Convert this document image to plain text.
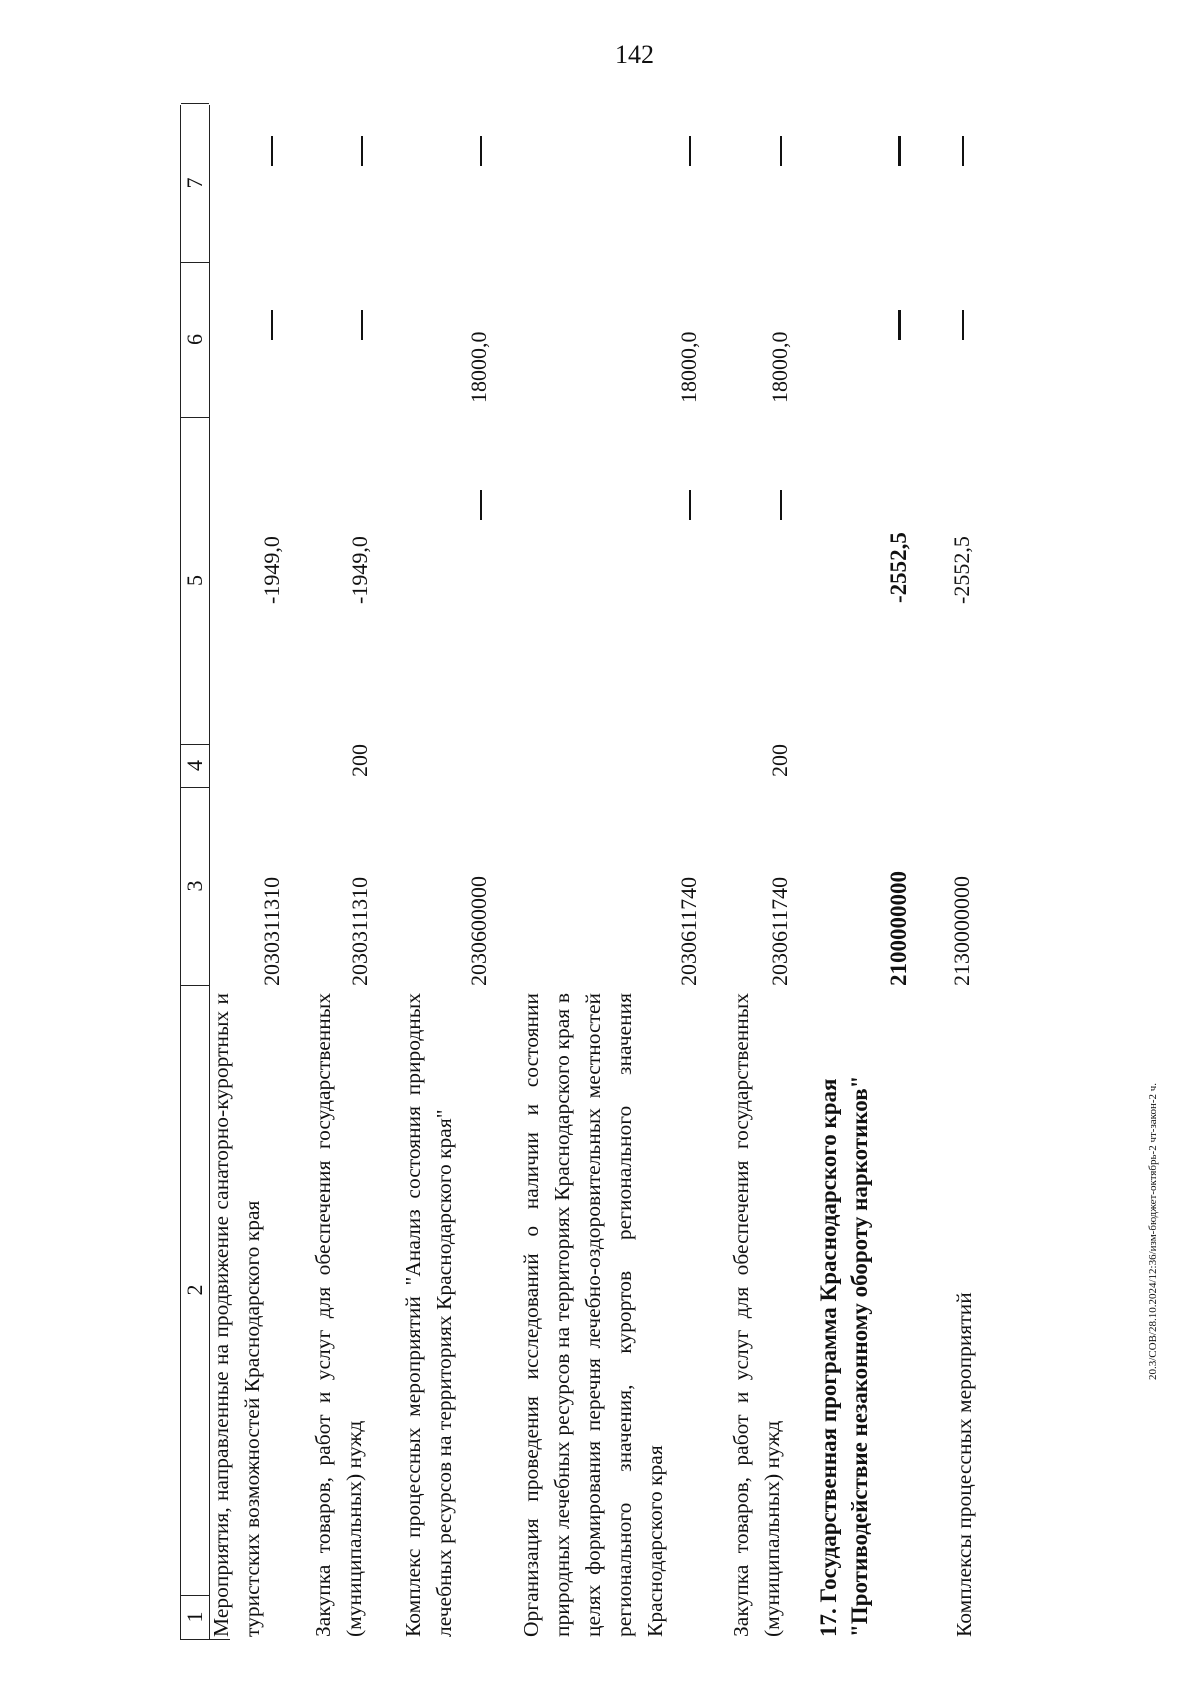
142
20.3/СОВ/28.10.2024/12:36/изм-бюджет-октябрь-2 чт-закон-2 ч.
1
2
3
4
5
6
7
Мероприятия, направленные на продвижение санаторно-курортных и туристских возможностей Краснодарского края
2030311310
-1949,0
Закупка товаров, работ и услуг для обеспечения государственных (муниципальных) нужд
2030311310
200
-1949,0
Комплекс процессных мероприятий "Анализ состояния природных лечебных ресурсов на территориях Краснодарского края"
2030600000
18000,0
Организация проведения исследований о наличии и состоянии природных лечебных ресурсов на территориях Краснодарского края в целях формирования перечня лечебно-оздоровительных местностей регионального значения, курортов регионального значения Краснодарского края
2030611740
18000,0
Закупка товаров, работ и услуг для обеспечения государственных (муниципальных) нужд
2030611740
200
18000,0
17. Государственная программа Краснодарского края "Противодействие незаконному обороту наркотиков"
2100000000
-2552,5
Комплексы процессных мероприятий
2130000000
-2552,5
